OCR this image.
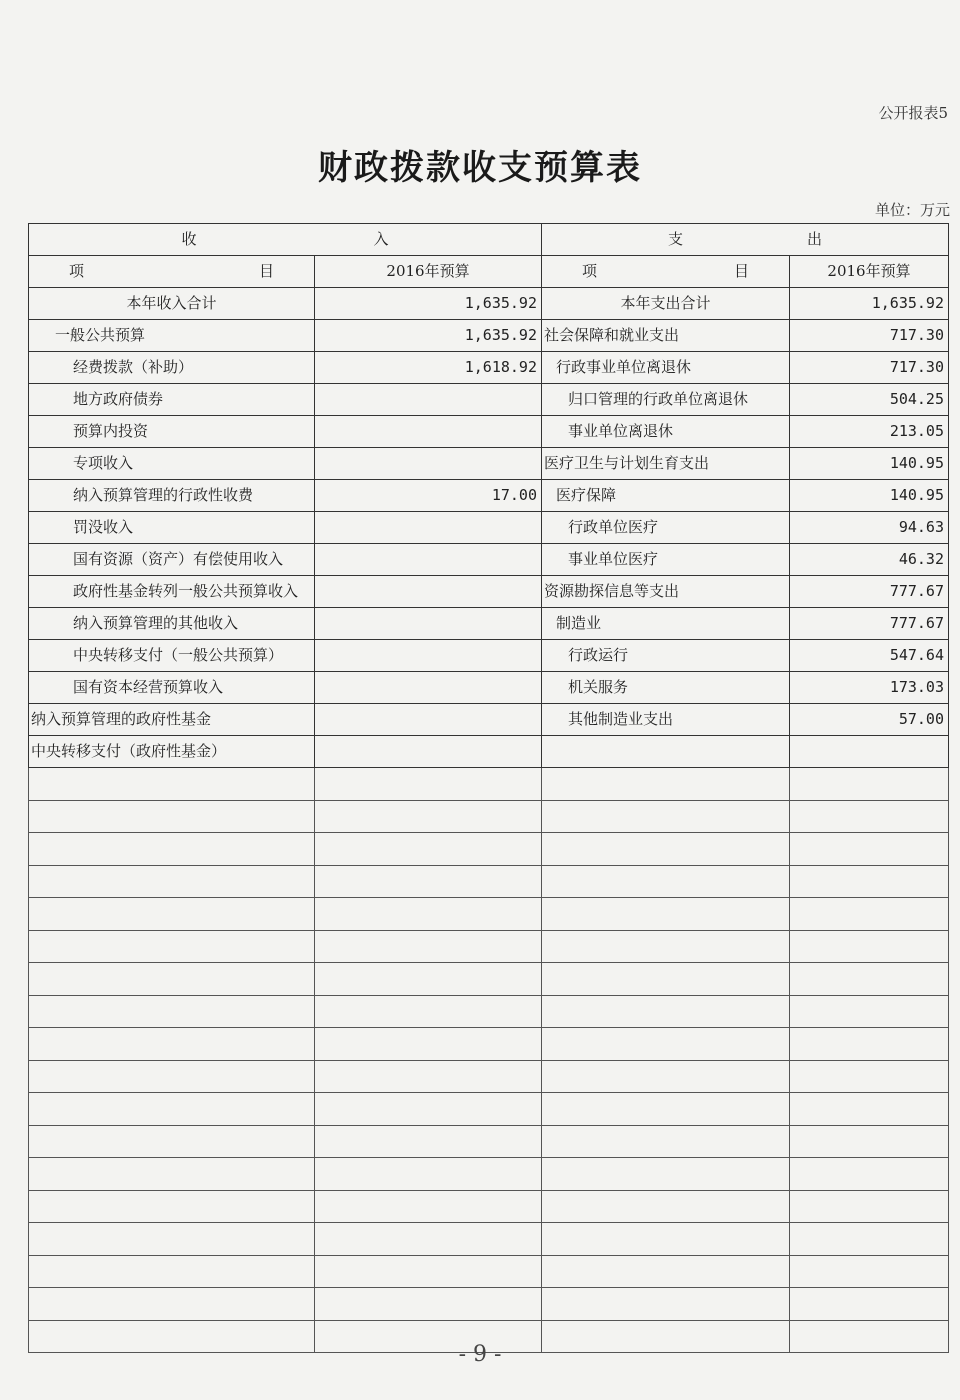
公开报表5
财政拨款收支预算表
单位：万元
收 入		支 出	

项 目	2016年预算	项 目	2016年预算
本年收入合计	1,635.92	本年支出合计	1,635.92
一般公共预算	1,635.92	社会保障和就业支出	717.30
经费拨款（补助）	1,618.92	行政事业单位离退休	717.30
地方政府债券		归口管理的行政单位离退休	504.25
预算内投资		事业单位离退休	213.05
专项收入		医疗卫生与计划生育支出	140.95
纳入预算管理的行政性收费	17.00	医疗保障	140.95
罚没收入		行政单位医疗	94.63
国有资源（资产）有偿使用收入		事业单位医疗	46.32
政府性基金转列一般公共预算收入		资源勘探信息等支出	777.67
纳入预算管理的其他收入		制造业	777.67
中央转移支付（一般公共预算）		行政运行	547.64
国有资本经营预算收入		机关服务	173.03
纳入预算管理的政府性基金		其他制造业支出	57.00
中央转移支付（政府性基金）			

- 9 -
